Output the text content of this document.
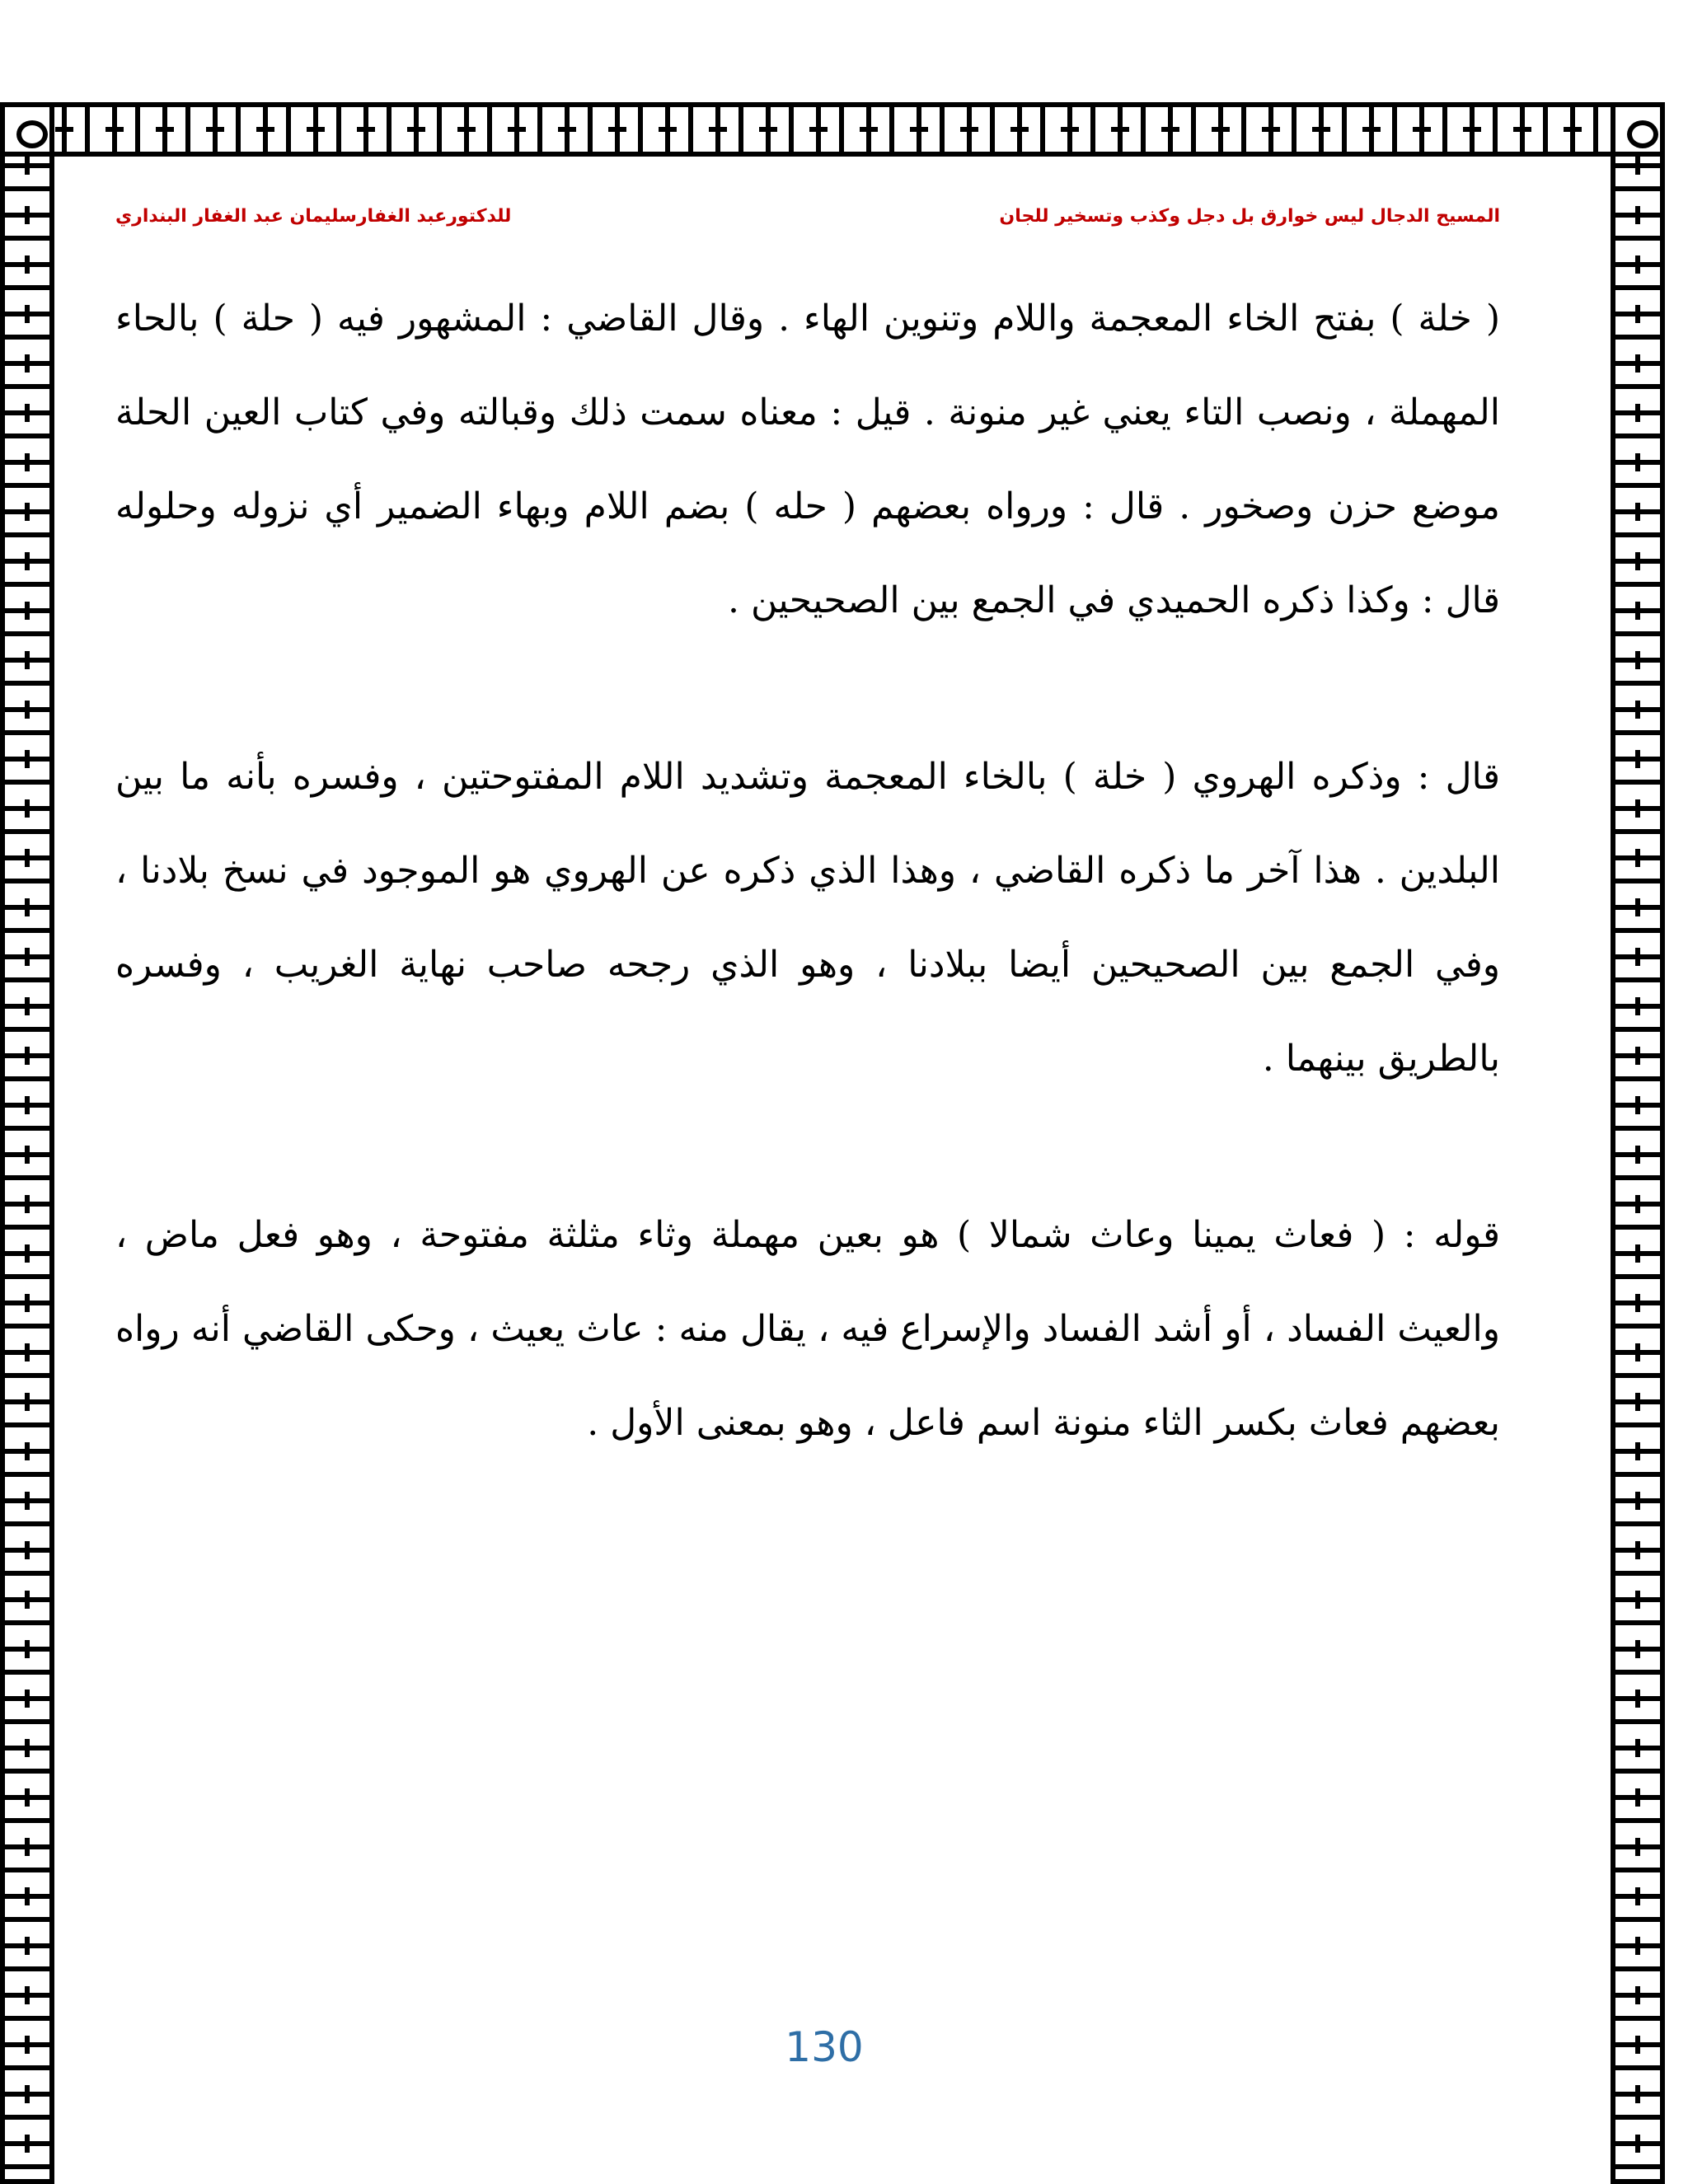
المسيح الدجال ليس خوارق بل دجل وكذب وتسخير للجان
للدكتورعبد الغفارسليمان عبد الغفار البنداري

( خلة ) بفتح الخاء المعجمة واللام وتنوين الهاء . وقال القاضي : المشهور فيه ( حلة ) بالحاء المهملة ، ونصب التاء يعني غير منونة . قيل : معناه سمت ذلك وقبالته وفي كتاب العين الحلة موضع حزن وصخور . قال : ورواه بعضهم ( حله ) بضم اللام وبهاء الضمير أي نزوله وحلوله قال : وكذا ذكره الحميدي في الجمع بين الصحيحين .

قال : وذكره الهروي ( خلة ) بالخاء المعجمة وتشديد اللام المفتوحتين ، وفسره بأنه ما بين البلدين . هذا آخر ما ذكره القاضي ، وهذا الذي ذكره عن الهروي هو الموجود في نسخ بلادنا ، وفي الجمع بين الصحيحين أيضا ببلادنا ، وهو الذي رجحه صاحب نهاية الغريب ، وفسره بالطريق بينهما .

قوله : ( فعاث يمينا وعاث شمالا ) هو بعين مهملة وثاء مثلثة مفتوحة ، وهو فعل ماض ، والعيث الفساد ، أو أشد الفساد والإسراع فيه ، يقال منه : عاث يعيث ، وحكى القاضي أنه رواه بعضهم فعاث بكسر الثاء منونة اسم فاعل ، وهو بمعنى الأول .

130
